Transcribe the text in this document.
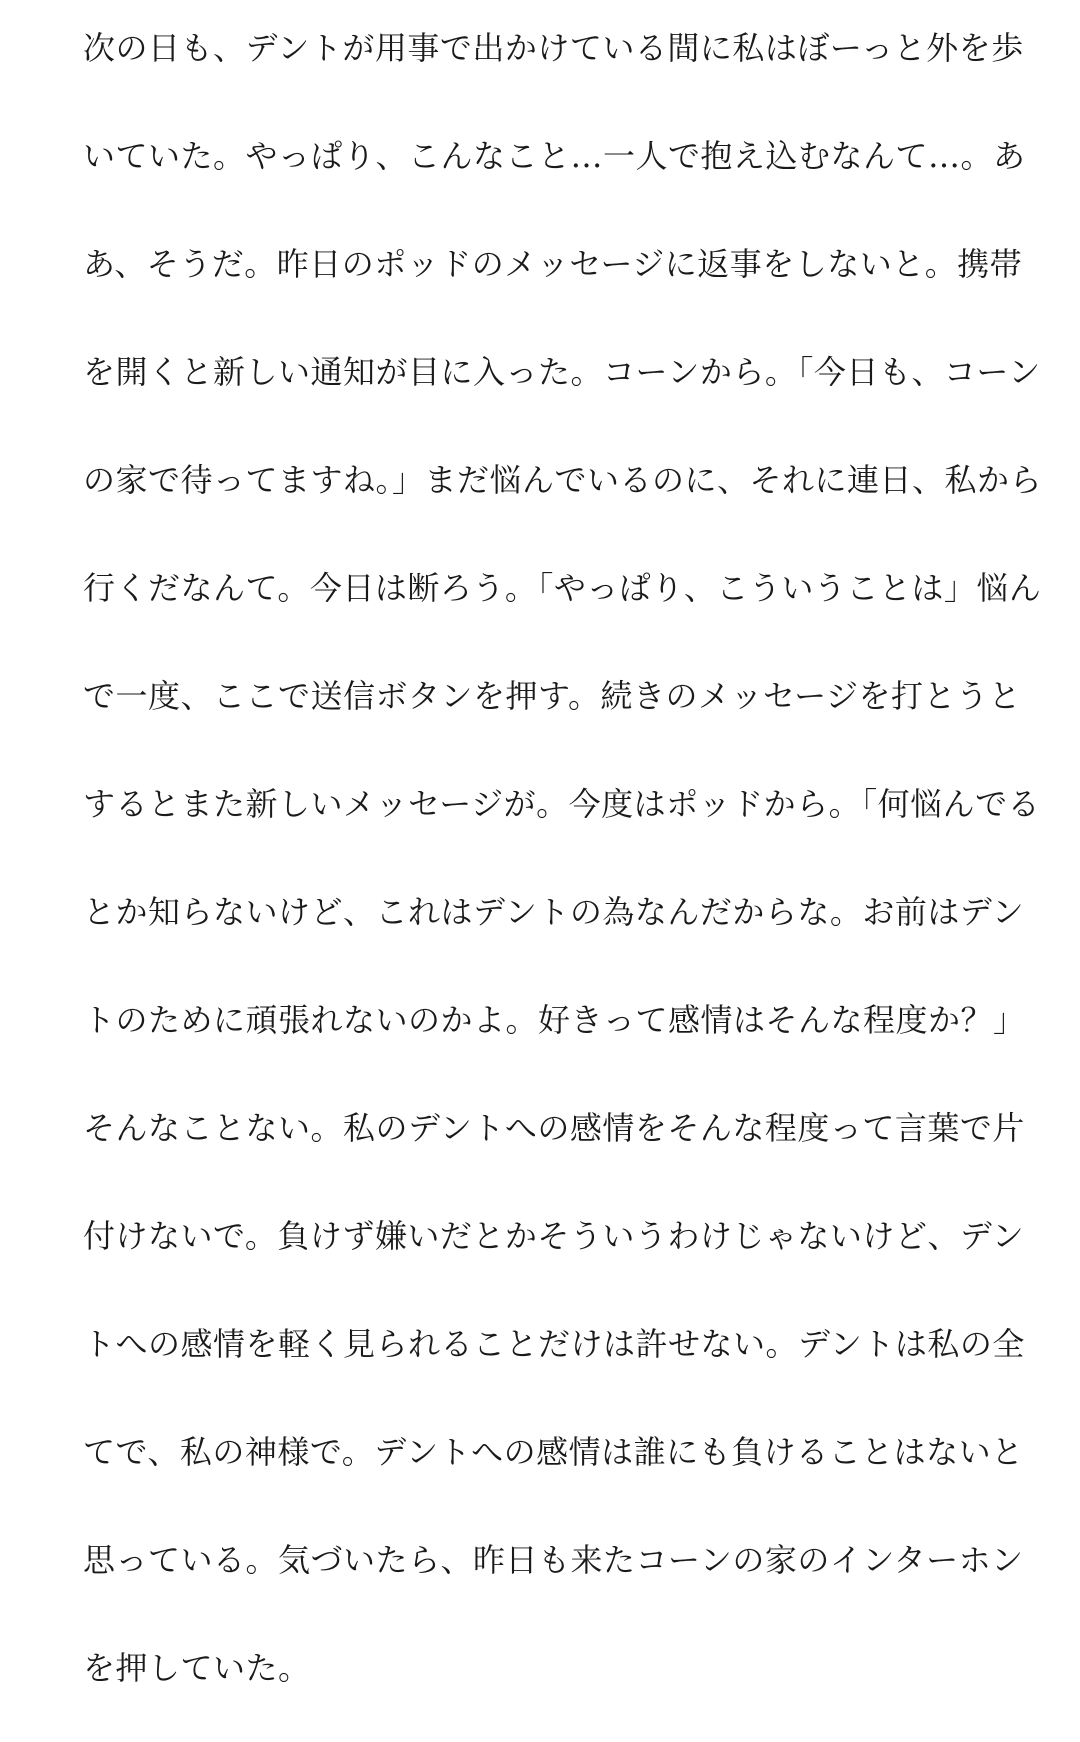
次の日も、デントが用事で出かけている間に私はぼーっと外を歩
いていた。やっぱり、こんなこと…一人で抱え込むなんて…。あ
あ、そうだ。昨日のポッドのメッセージに返事をしないと。携帯
を開くと新しい通知が目に入った。コーンから。「今日も、コーン
の家で待ってますね。」まだ悩んでいるのに、それに連日、私から
行くだなんて。今日は断ろう。「やっぱり、こういうことは」悩ん
で一度、ここで送信ボタンを押す。続きのメッセージを打とうと
するとまた新しいメッセージが。今度はポッドから。「何悩んでる
とか知らないけど、これはデントの為なんだからな。お前はデン
トのために頑張れないのかよ。好きって感情はそんな程度か？」
そんなことない。私のデントへの感情をそんな程度って言葉で片
付けないで。負けず嫌いだとかそういうわけじゃないけど、デン
トへの感情を軽く見られることだけは許せない。デントは私の全
てで、私の神様で。デントへの感情は誰にも負けることはないと
思っている。気づいたら、昨日も来たコーンの家のインターホン
を押していた。
